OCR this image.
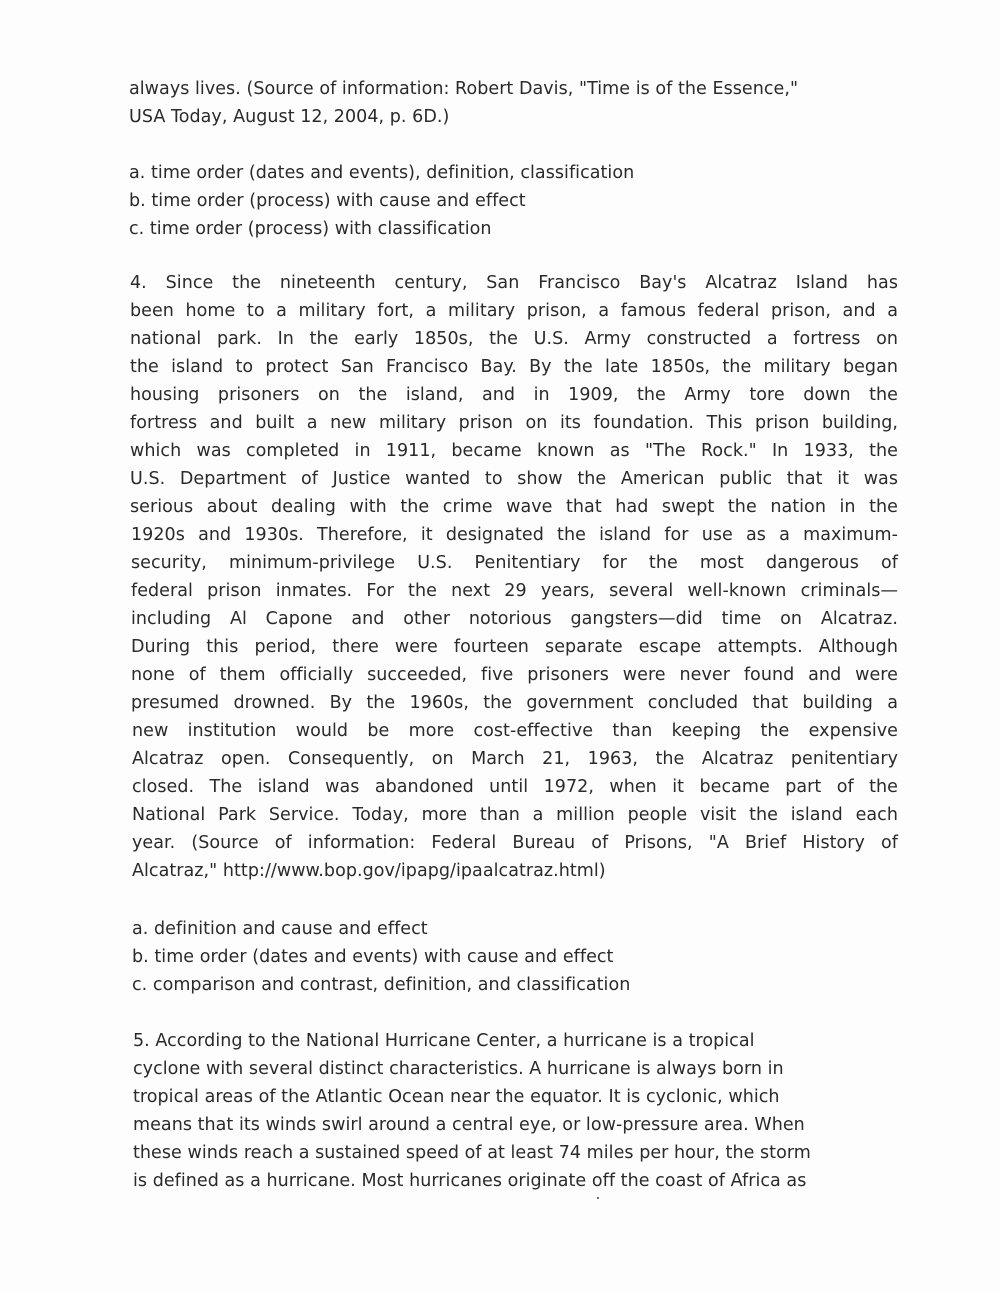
always lives. (Source of information: Robert Davis, "Time is of the Essence,"
USA Today, August 12, 2004, p. 6D.)
a. time order (dates and events), definition, classification
b. time order (process) with cause and effect
c. time order (process) with classification
4. Since the nineteenth century, San Francisco Bay's Alcatraz Island has
been home to a military fort, a military prison, a famous federal prison, and a
national park. In the early 1850s, the U.S. Army constructed a fortress on
the island to protect San Francisco Bay. By the late 1850s, the military began
housing prisoners on the island, and in 1909, the Army tore down the
fortress and built a new military prison on its foundation. This prison building,
which was completed in 1911, became known as "The Rock." In 1933, the
U.S. Department of Justice wanted to show the American public that it was
serious about dealing with the crime wave that had swept the nation in the
1920s and 1930s. Therefore, it designated the island for use as a maximum-
security, minimum-privilege U.S. Penitentiary for the most dangerous of
federal prison inmates. For the next 29 years, several well-known criminals—
including Al Capone and other notorious gangsters—did time on Alcatraz.
During this period, there were fourteen separate escape attempts. Although
none of them officially succeeded, five prisoners were never found and were
presumed drowned. By the 1960s, the government concluded that building a
new institution would be more cost-effective than keeping the expensive
Alcatraz open. Consequently, on March 21, 1963, the Alcatraz penitentiary
closed. The island was abandoned until 1972, when it became part of the
National Park Service. Today, more than a million people visit the island each
year. (Source of information: Federal Bureau of Prisons, "A Brief History of
Alcatraz," http://www.bop.gov/ipapg/ipaalcatraz.html)
a. definition and cause and effect
b. time order (dates and events) with cause and effect
c. comparison and contrast, definition, and classification
5. According to the National Hurricane Center, a hurricane is a tropical
cyclone with several distinct characteristics. A hurricane is always born in
tropical areas of the Atlantic Ocean near the equator. It is cyclonic, which
means that its winds swirl around a central eye, or low-pressure area. When
these winds reach a sustained speed of at least 74 miles per hour, the storm
is defined as a hurricane. Most hurricanes originate off the coast of Africa as
